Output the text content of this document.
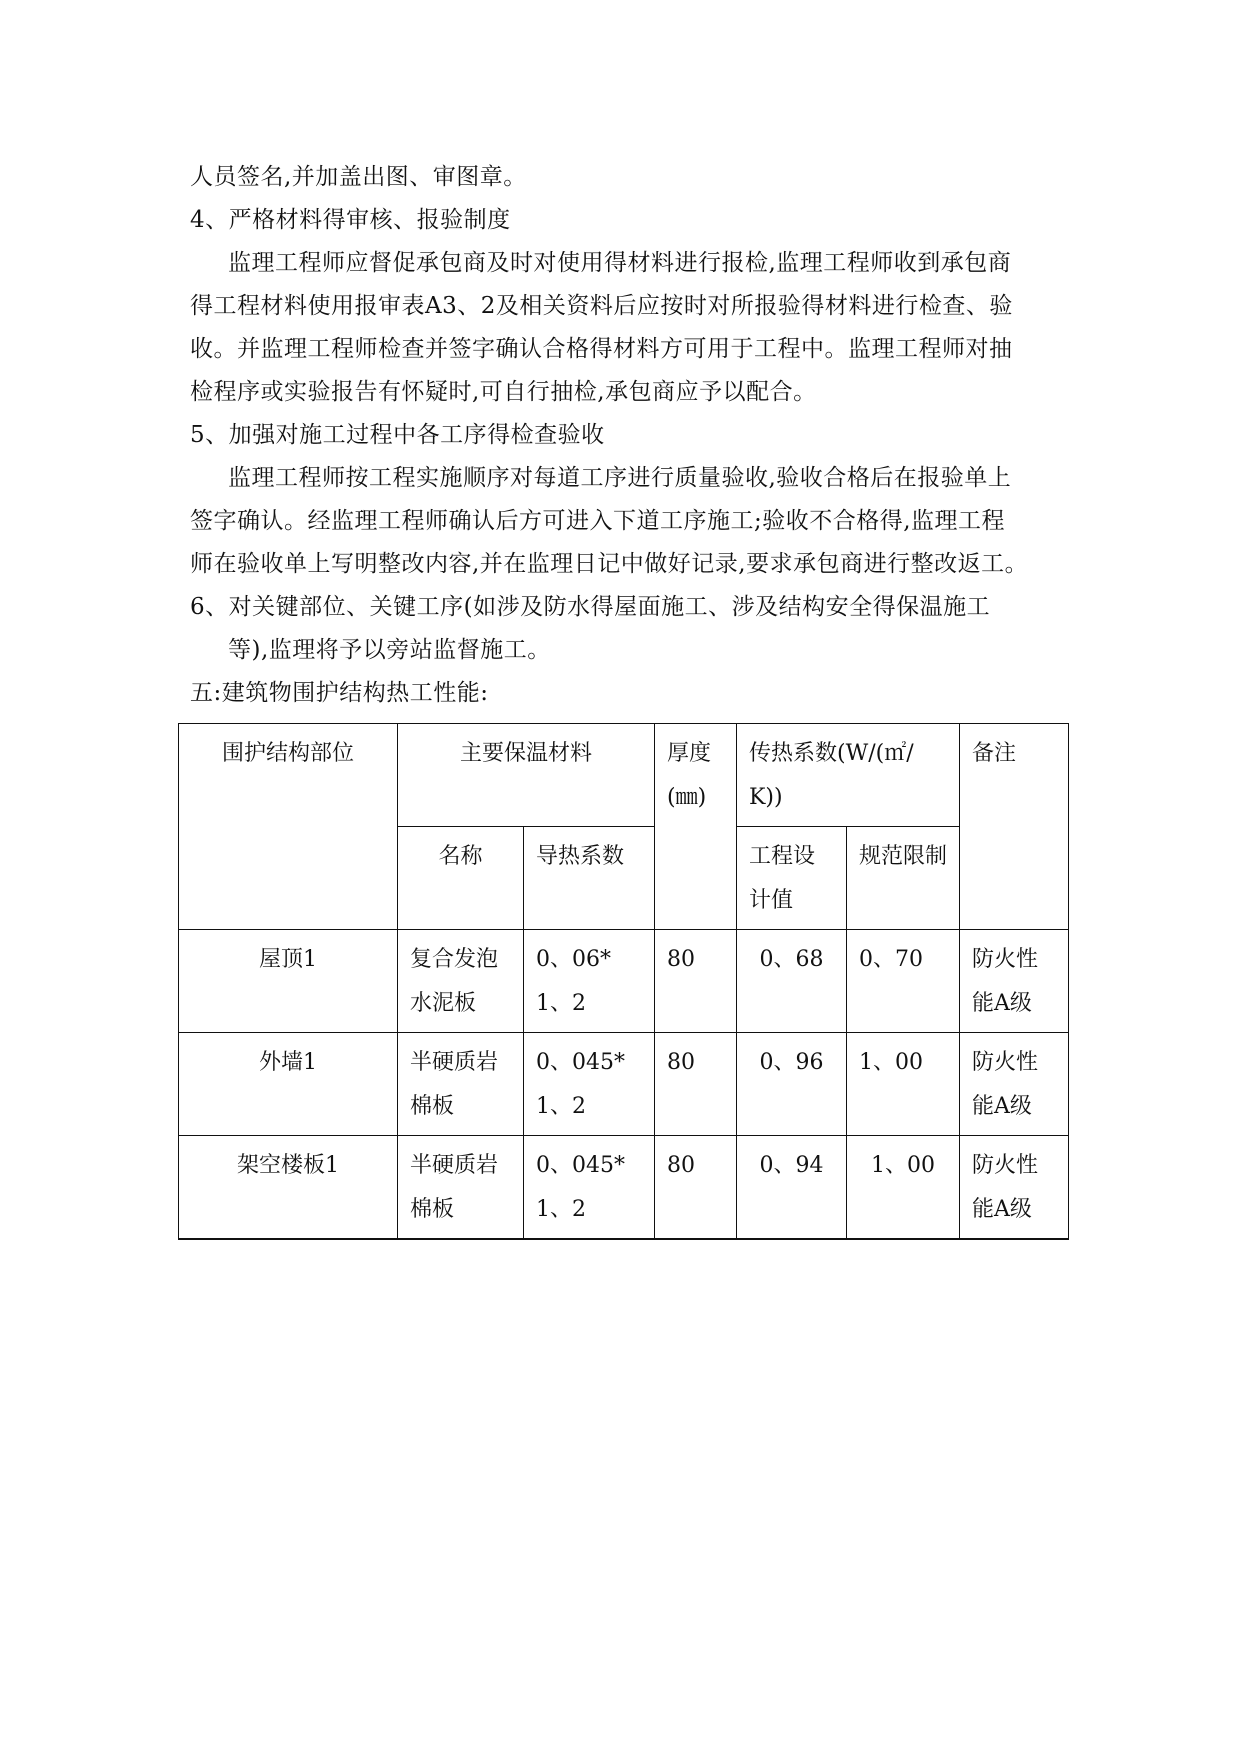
人员签名,并加盖出图、审图章。
4、严格材料得审核、报验制度
监理工程师应督促承包商及时对使用得材料进行报检,监理工程师收到承包商
得工程材料使用报审表A3、2及相关资料后应按时对所报验得材料进行检查、验
收。并监理工程师检查并签字确认合格得材料方可用于工程中。监理工程师对抽
检程序或实验报告有怀疑时,可自行抽检,承包商应予以配合。
5、加强对施工过程中各工序得检查验收
监理工程师按工程实施顺序对每道工序进行质量验收,验收合格后在报验单上
签字确认。经监理工程师确认后方可进入下道工序施工;验收不合格得,监理工程
师在验收单上写明整改内容,并在监理日记中做好记录,要求承包商进行整改返工。
6、对关键部位、关键工序(如涉及防水得屋面施工、涉及结构安全得保温施工
等),监理将予以旁站监督施工。
五:建筑物围护结构热工性能:
围护结构部位	主要保温材料		厚度(㎜)	传热系数(W/(㎡/K))		备注
	名称	导热系数		工程设计值	规范限制	
屋顶1	复合发泡水泥板	0、06*1、2	80	0、68	0、70	防火性能A级
外墙1	半硬质岩棉板	0、045*1、2	80	0、96	1、00	防火性能A级
架空楼板1	半硬质岩棉板	0、045*1、2	80	0、94	1、00	防火性能A级
